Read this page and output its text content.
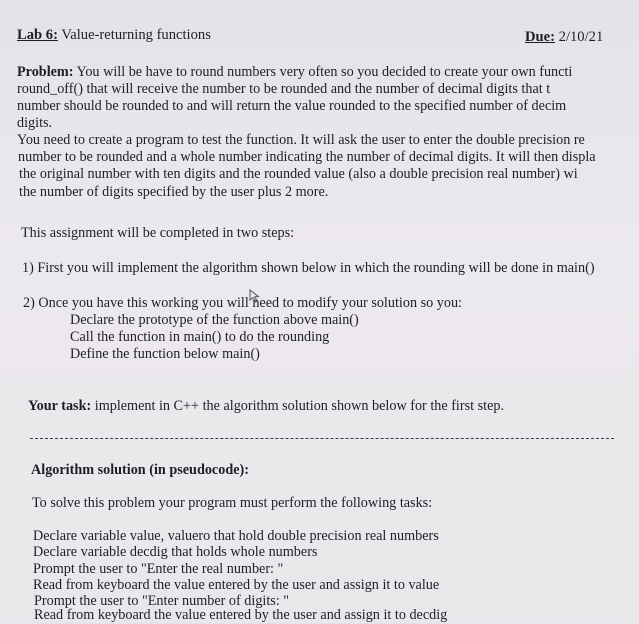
Lab 6: Value-returning functions	Due: 2/10/21
Problem: You will be have to round numbers very often so you decided to create your own functi
round_off() that will receive the number to be rounded and the number of decimal digits that t
number should be rounded to and will return the value rounded to the specified number of decim
digits.
You need to create a program to test the function. It will ask the user to enter the double precision re
number to be rounded and a whole number indicating the number of decimal digits. It will then displa
the original number with ten digits and the rounded value (also a double precision real number) wi
the number of digits specified by the user plus 2 more.
This assignment will be completed in two steps:
1) First you will implement the algorithm shown below in which the rounding will be done in main()
2) Once you have this working you will need to modify your solution so you:
Declare the prototype of the function above main()
Call the function in main() to do the rounding
Define the function below main()
Your task: implement in C++ the algorithm solution shown below for the first step.
Algorithm solution (in pseudocode):
To solve this problem your program must perform the following tasks:
Declare variable value, valuero that hold double precision real numbers
Declare variable decdig that holds whole numbers
Prompt the user to "Enter the real number: "
Read from keyboard the value entered by the user and assign it to value
Prompt the user to "Enter number of digits: "
Read from keyboard the value entered by the user and assign it to decdig
